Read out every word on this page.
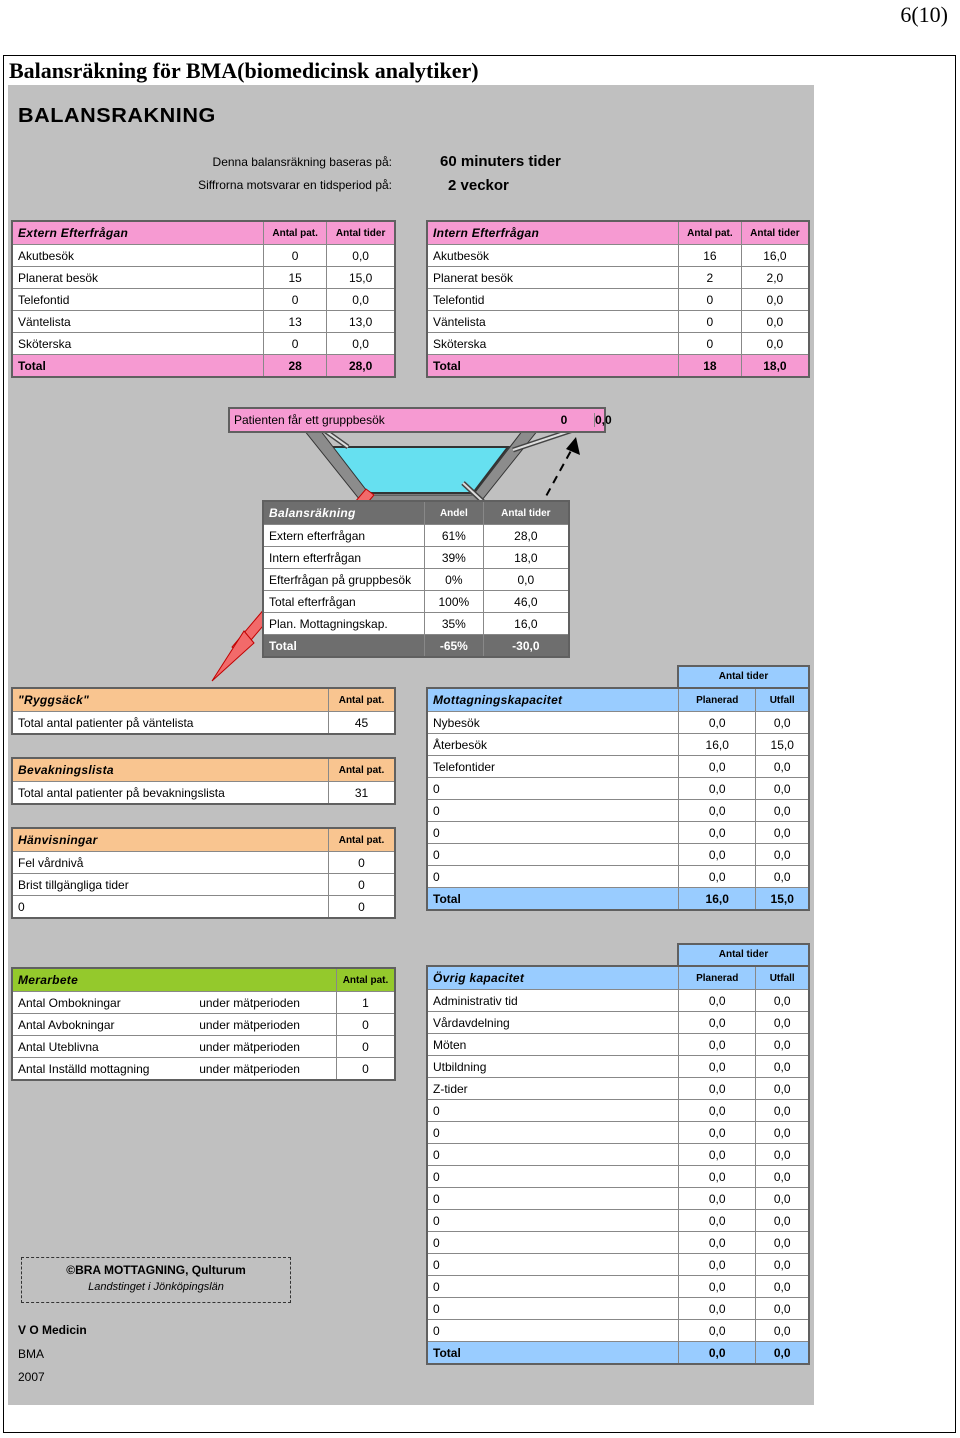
6(10)
Balansräkning för BMA(biomedicinsk analytiker)
BALANSRAKNING
Denna balansräkning baseras på:	60 minuters tider
Siffrorna motsvarar en tidsperiod på:	2 veckor
Extern Efterfrågan	Antal pat.	Antal tider
Akutbesök	0	0,0
Planerat besök	15	15,0
Telefontid	0	0,0
Väntelista	13	13,0
Sköterska	0	0,0
Total	28	28,0
Intern Efterfrågan	Antal pat.	Antal tider
Akutbesök	16	16,0
Planerat besök	2	2,0
Telefontid	0	0,0
Väntelista	0	0,0
Sköterska	0	0,0
Total	18	18,0
Patienten får ett gruppbesök	0	0,0
Balansräkning	Andel	Antal tider
Extern efterfrågan	61%	28,0
Intern efterfrågan	39%	18,0
Efterfrågan på gruppbesök	0%	0,0
Total efterfrågan	100%	46,0
Plan. Mottagningskap.	35%	16,0
Total	-65%	-30,0
"Ryggsäck"	Antal pat.
Total antal patienter på väntelista	45
Bevakningslista	Antal pat.
Total antal patienter på bevakningslista	31
Hänvisningar	Antal pat.
Fel vårdnivå	0
Brist tillgängliga tider	0
0	0
Merarbete		Antal pat.
Antal Ombokningar	under mätperioden	1
Antal Avbokningar	under mätperioden	0
Antal Uteblivna	under mätperioden	0
Antal Inställd mottagning	under mätperioden	0
Antal tider
Mottagningskapacitet	Planerad	Utfall
Nybesök	0,0	0,0
Återbesök	16,0	15,0
Telefontider	0,0	0,0
0	0,0	0,0
0	0,0	0,0
0	0,0	0,0
0	0,0	0,0
0	0,0	0,0
Total	16,0	15,0
Antal tider
Övrig kapacitet	Planerad	Utfall
Administrativ tid	0,0	0,0
Vårdavdelning	0,0	0,0
Möten	0,0	0,0
Utbildning	0,0	0,0
Z-tider	0,0	0,0
0	0,0	0,0
0	0,0	0,0
0	0,0	0,0
0	0,0	0,0
0	0,0	0,0
0	0,0	0,0
0	0,0	0,0
0	0,0	0,0
0	0,0	0,0
0	0,0	0,0
0	0,0	0,0
Total	0,0	0,0
©BRA MOTTAGNING, Qulturum
Landstinget i Jönköpingslän
V O Medicin
BMA
2007
